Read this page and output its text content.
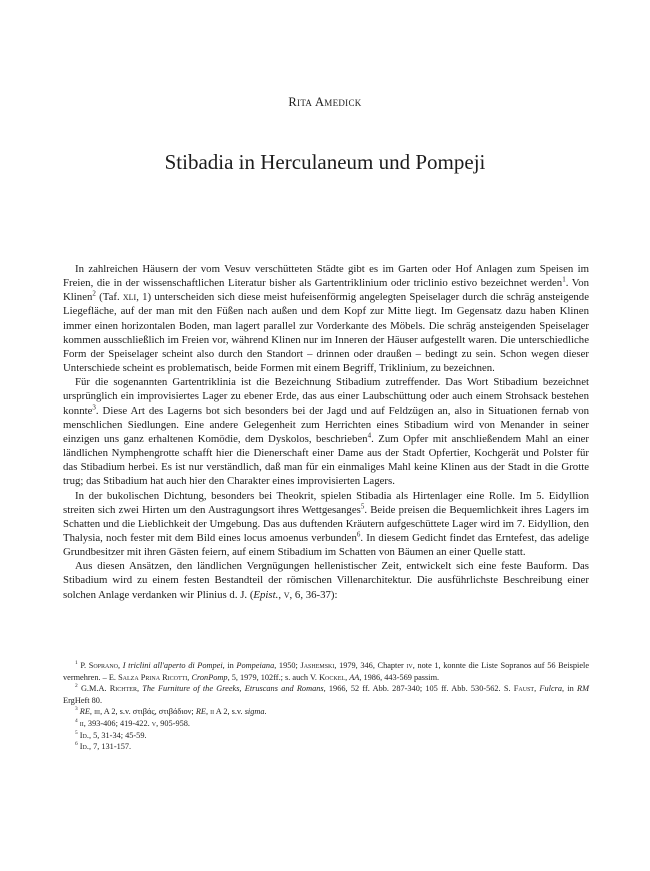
Rita Amedick
Stibadia in Herculaneum und Pompeji

In zahlreichen Häusern der vom Vesuv verschütteten Städte gibt es im Garten oder Hof Anlagen zum Speisen im Freien, die in der wissenschaftlichen Literatur bisher als Gartentriklinium oder triclinio estivo bezeichnet werden$^1$. Von Klinen$^2$ (Taf. xli, 1) unterscheiden sich diese meist hufeisenförmig angelegten Speiselager durch die schräg ansteigende Liegefläche, auf der man mit den Füßen nach außen und dem Kopf zur Mitte liegt. Im Gegensatz dazu haben Klinen immer einen horizontalen Boden, man lagert parallel zur Vorderkante des Möbels. Die schräg ansteigenden Speiselager kommen ausschließlich im Freien vor, während Klinen nur im Inneren der Häuser aufgestellt waren. Die unterschiedliche Form der Speiselager scheint also durch den Standort – drinnen oder draußen – bedingt zu sein. Schon wegen dieser Unterschiede scheint es problematisch, beide Formen mit einem Begriff, Triklinium, zu bezeichnen.

Für die sogenannten Gartentriklinia ist die Bezeichnung Stibadium zutreffender. Das Wort Stibadium bezeichnet ursprünglich ein improvisiertes Lager zu ebener Erde, das aus einer Laubschüttung oder auch einem Strohsack bestehen konnte$^3$. Diese Art des Lagerns bot sich besonders bei der Jagd und auf Feldzügen an, also in Situationen fernab von menschlichen Siedlungen. Eine andere Gelegenheit zum Herrichten eines Stibadium wird von Menander in seiner einzigen uns ganz erhaltenen Komödie, dem Dyskolos, beschrieben$^4$. Zum Opfer mit anschließendem Mahl an einer ländlichen Nymphengrotte schafft hier die Dienerschaft einer Dame aus der Stadt Opfertier, Kochgerät und Polster für das Stibadium herbei. Es ist nur verständlich, daß man für ein einmaliges Mahl keine Klinen aus der Stadt in die Grotte trug; das Stibadium hat auch hier den Charakter eines improvisierten Lagers.

In der bukolischen Dichtung, besonders bei Theokrit, spielen Stibadia als Hirtenlager eine Rolle. Im 5. Eidyllion streiten sich zwei Hirten um den Austragungsort ihres Wettgesanges$^5$. Beide preisen die Bequemlichkeit ihres Lagers im Schatten und die Lieblichkeit der Umgebung. Das aus duftenden Kräutern aufgeschüttete Lager wird im 7. Eidyllion, den Thalysia, noch fester mit dem Bild eines locus amoenus verbunden$^6$. In diesem Gedicht findet das Erntefest, das adelige Grundbesitzer mit ihren Gästen feiern, auf einem Stibadium im Schatten von Bäumen an einer Quelle statt.

Aus diesen Ansätzen, den ländlichen Vergnügungen hellenistischer Zeit, entwickelt sich eine feste Bauform. Das Stibadium wird zu einem festen Bestandteil der römischen Villenarchitektur. Die ausführlichste Beschreibung einer solchen Anlage verdanken wir Plinius d. J. (Epist., v, 6, 36-37):

$^1$ P. Soprano, I triclini all'aperto di Pompei, in Pompeiana, 1950; Jashemski, 1979, 346, Chapter iv, note 1, konnte die Liste Sopranos auf 56 Beispiele vermehren. – E. Salza Prina Ricotti, CronPomp, 5, 1979, 102ff.; s. auch V. Kockel, AA, 1986, 443-569 passim.

$^2$ G.M.A. Richter, The Furniture of the Greeks, Etruscans and Romans, 1966, 52 ff. Abb. 287-340; 105 ff. Abb. 530-562. S. Faust, Fulcra, in RM ErgHeft 80.

$^3$ RE, iii, A 2, s.v. στιβάς, στιβάδιον; RE, ii A 2, s.v. sigma.

$^4$ ii, 393-406; 419-422. v, 905-958.

$^5$ Id., 5, 31-34; 45-59.

$^6$ Id., 7, 131-157.
